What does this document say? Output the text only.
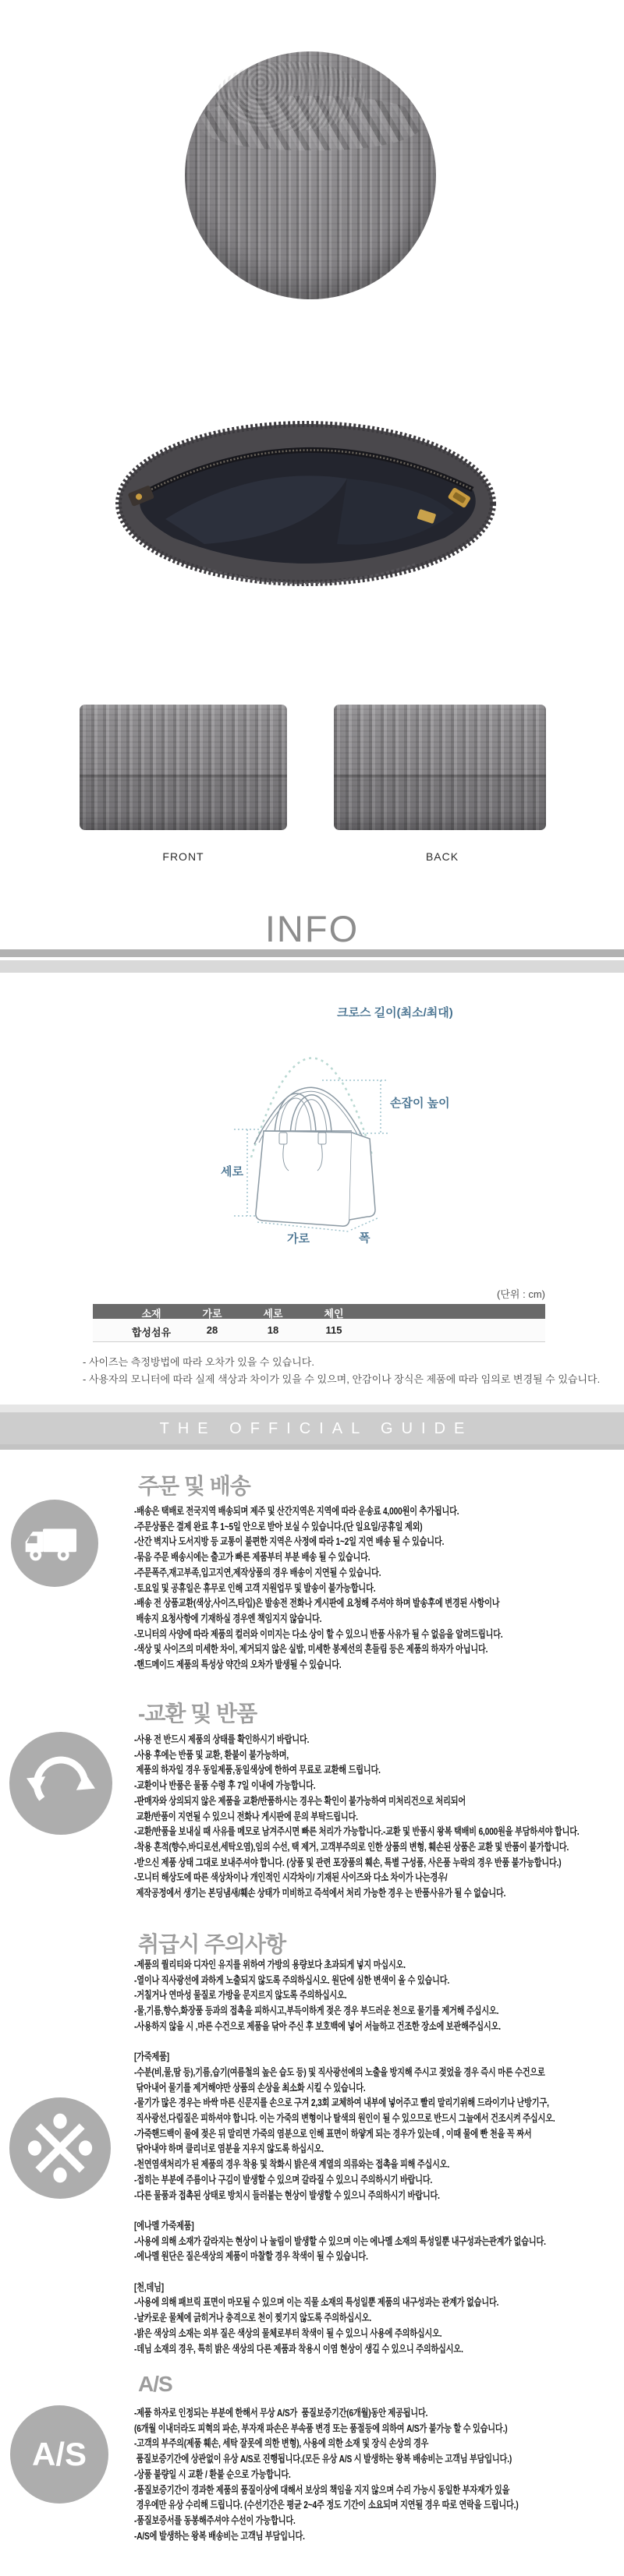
FRONT	BACK
INFO
크로스 길이(최소/최대)
손잡이 높이
세로
가로	폭
(단위 : cm)
소재	가로	세로	체인
합성섬유	28	18	115
- 사이즈는 측정방법에 따라 오차가 있을 수 있습니다.
- 사용자의 모니터에 따라 실제 색상과 차이가 있을 수 있으며, 안감이나 장식은 제품에 따라 임의로 변경될 수 있습니다.
THE OFFICIAL GUIDE
주문 및 배송
-배송은 택배로 전국지역 배송되며 제주 및 산간지역은 지역에 따라 운송료 4,000원이 추가됩니다.
-주문상품은 결제 완료 후 1~5일 안으로 받아 보실 수 있습니다.(단 일요일/공휴일 제외)
-산간 벽지나 도서지방 등 교통이 불편한 지역은 사정에 따라 1~2일 지연 배송 될 수 있습니다.
-묶음 주문 배송시에는 출고가 빠른 제품부터 부분 배송 될 수 있습니다.
-주문폭주,재고부족,입고지연,제작상품의 경우 배송이 지연될 수 있습니다.
-토요일 및 공휴일은 휴무로 인해 고객 지원업무 및 발송이 불가능합니다.
-배송 전 상품교환(색상,사이즈,타입)은 발송전 전화나 게시판에 요청해 주셔야 하며 발송후에 변경된 사항이나
배송지 요청사항에 기재하실 경우엔 책임지지 않습니다.
-모니터의 사양에 따라 제품의 컬러와 이미지는 다소 상이 할 수 있으니 반품 사유가 될 수 없음을 알려드립니다.
-색상 및 사이즈의 미세한 차이, 제거되지 않은 실밥, 미세한 봉제선의 흔들림 등은 제품의 하자가 아닙니다.
-핸드메이드 제품의 특성상 약간의 오차가 발생될 수 있습니다.
-교환 및 반품
-사용 전 반드시 제품의 상태를 확인하시기 바랍니다.
-사용 후에는 반품 및 교환, 환불이 불가능하며,
제품의 하자일 경우 동일제품,동일색상에 한하여 무료로 교환해 드립니다.
-교환이나 반품은 물품 수령 후 7일 이내에 가능합니다.
-판매자와 상의되지 않은 제품을 교환/반품하시는 경우는 확인이 불가능하여 미처리건으로 처리되어
교환/반품이 지연될 수 있으니 전화나 게시판에 문의 부탁드립니다.
-교환/반품을 보내실 때 사유를 메모로 남겨주시면 빠른 처리가 가능합니다.-교환 및 반품시 왕복 택배비 6,000원을 부담하셔야 합니다.
-착용 흔적(향수,바디로션,세탁오염),임의 수선, 택 제거, 고객부주의로 인한 상품의 변형, 훼손된 상품은 교환 및 반품이 불가합니다.
-받으신 제품 상태 그대로 보내주셔야 합니다. (상품 및 관련 포장품의 훼손, 특별 구성품, 사은품 누락의 경우 반품 불가능합니다.)
-모니터 해상도에 따른 색상차이나 개인적인 시각차이/ 기재된 사이즈와 다소 차이가 나는경우/
제작공정에서 생기는 본딩냄새/훼손 상태가 미비하고 즉석에서 처리 가능한 경우 는 반품사유가 될 수 없습니다.
취급시 주의사항
-제품의 퀄리티와 디자인 유지를 위하여 가방의 용량보다 초과되게 넣지 마십시오.
-열이나 직사광선에 과하게 노출되지 않도록 주의하십시오. 원단에 심한 변색이 올 수 있습니다.
-거칠거나 연마성 물질로 가방을 문지르지 않도록 주의하십시오.
-물,기름,향수,화장품 등과의 접촉을 피하시고,부득이하게 젖은 경우 부드러운 천으로 물기를 제거해 주십시오.
-사용하지 않을 시 ,마른 수건으로 제품을 닦아 주신 후 보호백에 넣어 서늘하고 건조한 장소에 보관해주십시오.
[가죽제품]
-수분(비,물,땀 등),기름,습기(여름철의 높은 습도 등) 및 직사광선에의 노출을 방지해 주시고 젖었을 경우 즉시 마른 수건으로
닦아내어 물기를 제거해야만 상품의 손상을 최소화 시킬 수 있습니다.
-물기가 많은 경우는 바싹 마른 신문지를 손으로 구겨 2,3회 교체하여 내부에 넣어주고 빨리 말리기위해 드라이기나 난방기구,
직사광선,다림질은 피하셔야 합니다. 이는 가죽의 변형이나 탈색의 원인이 될 수 있으므로 반드시 그늘에서 건조시켜 주십시오.
-가죽핸드백이 물에 젖은 뒤 말리면 가죽의 염분으로 인해 표면이 하얗게 되는 경우가 있는데 , 이때 물에 빤 천을 꼭 짜서
닦아내야 하며 클리너로 염분을 지우지 않도록 하십시오.
-천연염색처리가 된 제품의 경우 착용 및 착화시 밝은색 계열의 의류와는 접촉을 피해 주십시오.
-접히는 부분에 주름이나 구김이 발생할 수 있으며 갈라질 수 있으니 주의하시기 바랍니다.
-다른 물품과 접촉된 상태로 방치시 들러붙는 현상이 발생할 수 있으니 주의하시기 바랍니다.
[에나멜 가죽제품]
-사용에 의해 소재가 갈라지는 현상이 나 눌림이 발생할 수 있으며 이는 에나멜 소재의 특성일뿐 내구성과는관계가 없습니다.
-에나멜 원단은 질은색상의 제품이 마찰할 경우 착색이 될 수 있습니다.
[천,데님]
-사용에 의해 패브릭 표면이 마모될 수 있으며 이는 직물 소재의 특성일뿐 제품의 내구성과는 관계가 없습니다.
-날카로운 물체에 긁히거나 충격으로 천이 찢기지 않도록 주의하십시오.
-밝은 색상의 소재는 외부 질은 색상의 물체로부터 착색이 될 수 있으니 사용에 주의하십시오.
-데님 소재의 경우, 특히 밝은 색상의 다른 제품과 착용시 이염 현상이 생길 수 있으니 주의하십시오.
A/S
A/S
-제품 하자로 인정되는 부분에 한해서 무상 A/S가  품질보증기간(6개월)동안 제공됩니다.
(6개월 이내더라도 피혁의 파손, 부자재 파손은 부속품 변경 또는 품절등에 의하여 A/S가 불가능 할 수 있습니다.)
-고객의 부주의(제품 훼손, 세탁 잘못에 의한 변형), 사용에 의한 소재 및 장식 손상의 경우
품질보증기간에 상관없이 유상 A/S로 진행됩니다.(모든 유상 A/S 시 발생하는 왕복 배송비는 고객님 부담입니다.)
-상품 불량일 시 교환 / 환불 순으로 가능합니다.
-품질보증기간이 경과한 제품의 품질이상에 대해서 보상의 책임을 지지 않으며 수리 가능시 동일한 부자재가 있을
경우에만 유상 수리해 드립니다. (수선기간은 평균 2~4주 정도 기간이 소요되며 지연될 경우 따로 연락을 드립니다.)
-품질보증서를 동봉해주셔야 수선이 가능합니다.
-A/S에 발생하는 왕복 배송비는 고객님 부담입니다.
